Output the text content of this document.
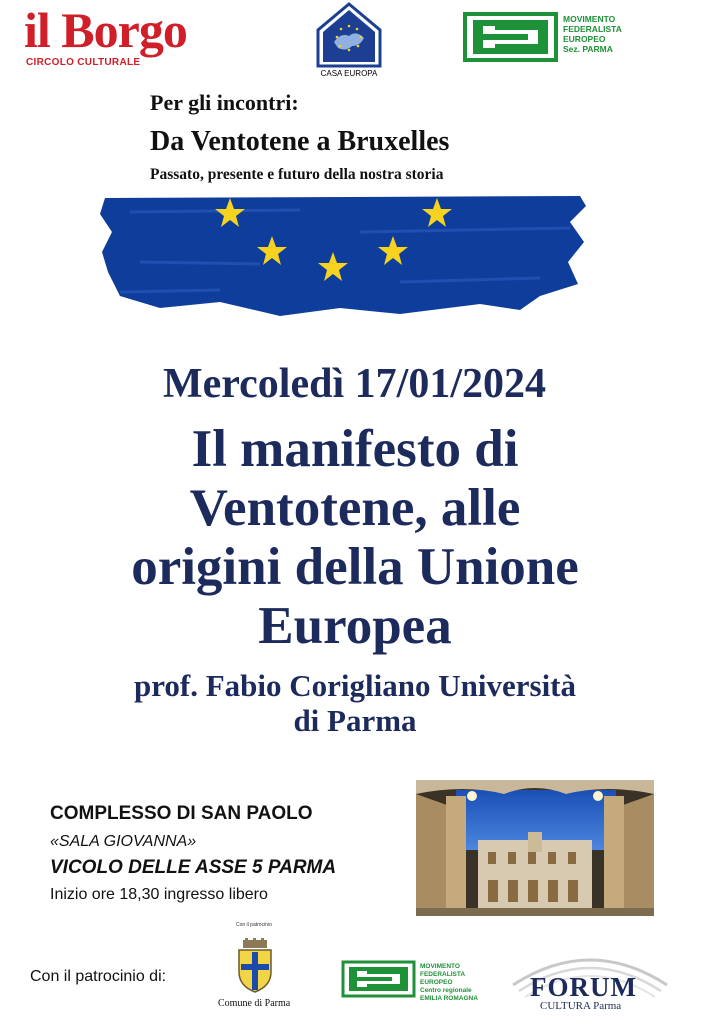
il Borgo
CIRCOLO CULTURALE
CASA EUROPA
MOVIMENTO
FEDERALISTA
EUROPEO
Sez. PARMA
Per gli incontri:
Da Ventotene a Bruxelles
Passato, presente e futuro della nostra storia
Mercoledì 17/01/2024
Il manifesto di
Ventotene, alle
origini della Unione
Europea
prof. Fabio Corigliano Università
di Parma
COMPLESSO DI SAN PAOLO
«SALA GIOVANNA»
VICOLO DELLE ASSE 5 PARMA
Inizio ore 18,30 ingresso libero
Con il patrocinio di:
Con il patrocinio
Comune di Parma
MOVIMENTO
FEDERALISTA
EUROPEO
Centro regionale
EMILIA ROMAGNA FORUM
CULTURA Parma
